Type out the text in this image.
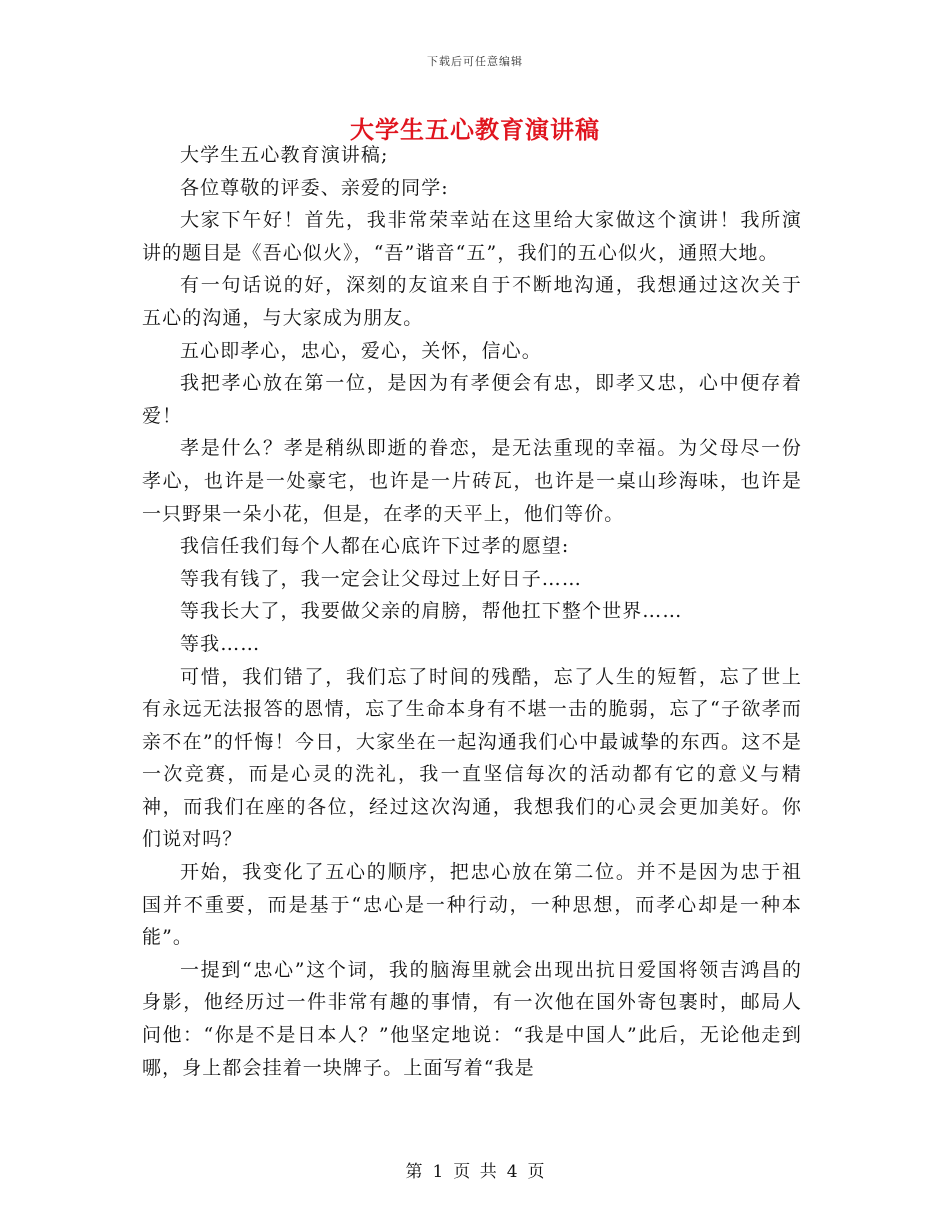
下载后可任意编辑
大学生五心教育演讲稿

大学生五心教育演讲稿;

各位尊敬的评委、亲爱的同学:

大家下午好！首先，我非常荣幸站在这里给大家做这个演讲！我所演讲的题目是《吾心似火》，“吾”谐音“五”，我们的五心似火，通照大地。

有一句话说的好，深刻的友谊来自于不断地沟通，我想通过这次关于五心的沟通，与大家成为朋友。

五心即孝心，忠心，爱心，关怀，信心。

我把孝心放在第一位，是因为有孝便会有忠，即孝又忠，心中便存着爱！

孝是什么？孝是稍纵即逝的眷恋，是无法重现的幸福。为父母尽一份孝心，也许是一处豪宅，也许是一片砖瓦，也许是一桌山珍海味，也许是一只野果一朵小花，但是，在孝的天平上，他们等价。

我信任我们每个人都在心底许下过孝的愿望:

等我有钱了，我一定会让父母过上好日子……

等我长大了，我要做父亲的肩膀，帮他扛下整个世界……

等我……

可惜，我们错了，我们忘了时间的残酷，忘了人生的短暂，忘了世上有永远无法报答的恩情，忘了生命本身有不堪一击的脆弱，忘了“子欲孝而亲不在”的忏悔！今日，大家坐在一起沟通我们心中最诚挚的东西。这不是一次竞赛，而是心灵的洗礼，我一直坚信每次的活动都有它的意义与精神，而我们在座的各位，经过这次沟通，我想我们的心灵会更加美好。你们说对吗？

开始，我变化了五心的顺序，把忠心放在第二位。并不是因为忠于祖国并不重要，而是基于“忠心是一种行动，一种思想，而孝心却是一种本能”。

一提到“忠心”这个词，我的脑海里就会出现出抗日爱国将领吉鸿昌的身影，他经历过一件非常有趣的事情，有一次他在国外寄包裹时，邮局人问他：“你是不是日本人？”他坚定地说：“我是中国人”此后，无论他走到哪，身上都会挂着一块牌子。上面写着“我是

第 1 页 共 4 页
